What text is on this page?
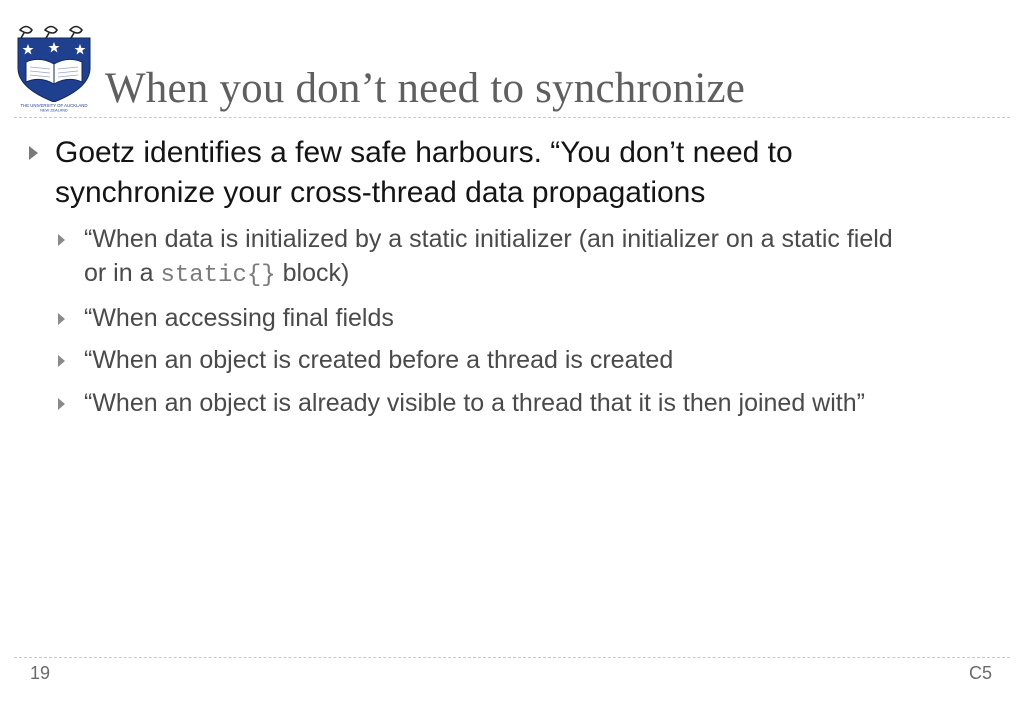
THE UNIVERSITY OF AUCKLAND
NEW ZEALAND When you don’t need to synchronize
Goetz identifies a few safe harbours. “You don’t need to
synchronize your cross-thread data propagations
“When data is initialized by a static initializer (an initializer on a static field
or in a static{} block)
“When accessing final fields
“When an object is created before a thread is created
“When an object is already visible to a thread that it is then joined with”
19	C5
